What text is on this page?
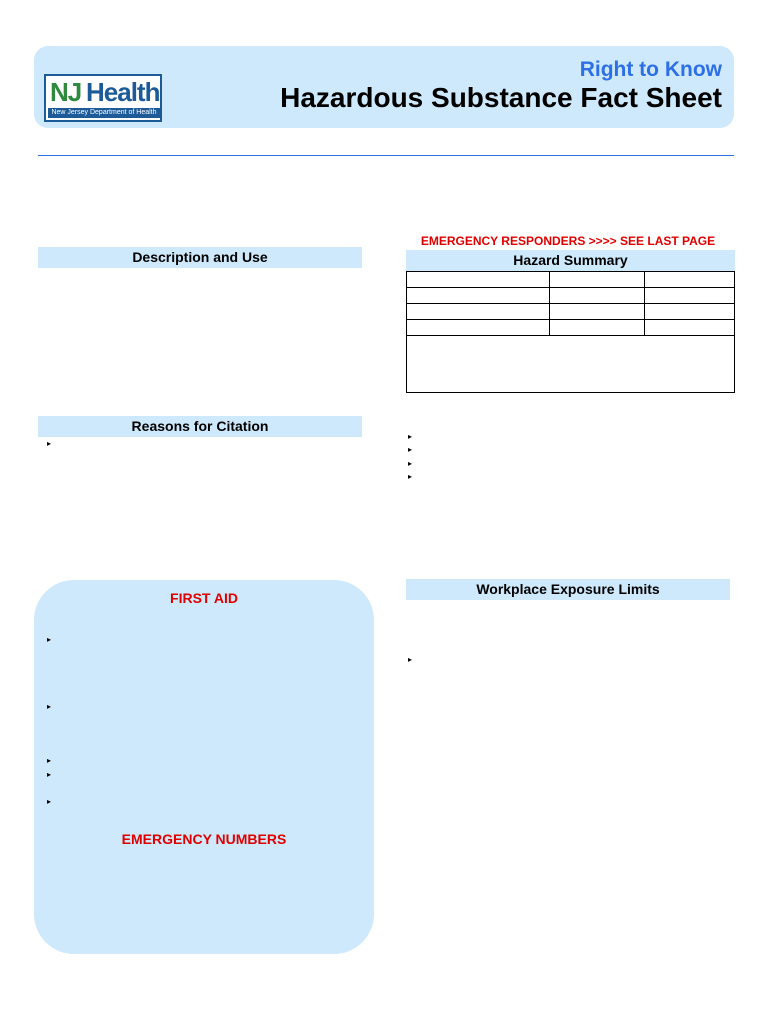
NJ Health
New Jersey Department of Health
Right to Know
Hazardous Substance Fact Sheet
Description and Use
Reasons for Citation
▸
FIRST AID
▸
▸
▸
▸
▸
EMERGENCY NUMBERS
EMERGENCY RESPONDERS >>>> SEE LAST PAGE
Hazard Summary

▸
▸
▸
▸
Workplace Exposure Limits
▸
